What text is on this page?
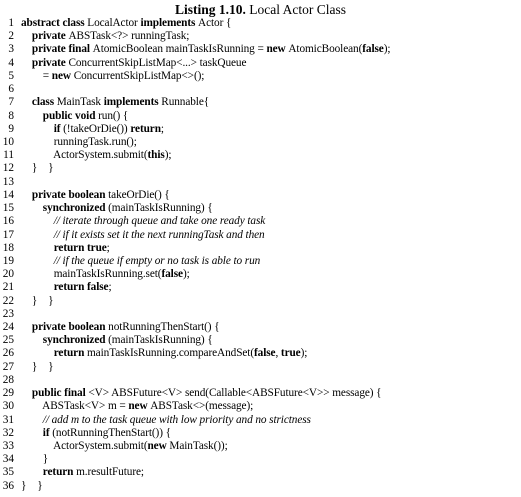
Listing 1.10. Local Actor Class
1 abstract class LocalActor implements Actor {
2	private ABSTask<?> runningTask;
3	private final AtomicBoolean mainTaskIsRunning = new AtomicBoolean(false);
4	private ConcurrentSkipListMap<...> taskQueue
5 = new ConcurrentSkipListMap<>();
6
7	class MainTask implements Runnable{
8	public void run() {
9	if (!takeOrDie()) return;
10 runningTask.run();
11 ActorSystem.submit(this);
12 }    }
13
14	private boolean takeOrDie() {
15	synchronized (mainTaskIsRunning) {
16	// iterate through queue and take one ready task
17	// if it exists set it the next runningTask and then
18	return true;
19	// if the queue if empty or no task is able to run
20 mainTaskIsRunning.set(false);
21	return false;
22 }    }
23
24	private boolean notRunningThenStart() {
25	synchronized (mainTaskIsRunning) {
26	return mainTaskIsRunning.compareAndSet(false, true);
27 }    }
28
29	public final <V> ABSFuture<V> send(Callable<ABSFuture<V>> message) {
30 ABSTask<V> m = new ABSTask<>(message);
31	// add m to the task queue with low priority and no strictness
32	if (notRunningThenStart()) {
33 ActorSystem.submit(new MainTask());
34 }
35	return m.resultFuture;
36 }    }
